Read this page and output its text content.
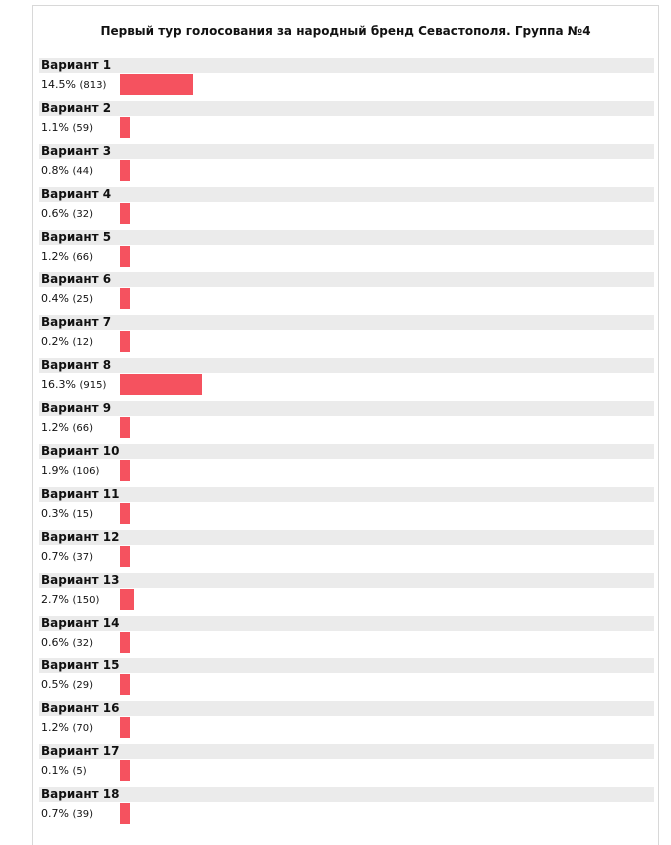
Первый тур голосования за народный бренд Севастополя. Группа №4
Вариант 1
14.5% (813)
Вариант 2
1.1% (59)
Вариант 3
0.8% (44)
Вариант 4
0.6% (32)
Вариант 5
1.2% (66)
Вариант 6
0.4% (25)
Вариант 7
0.2% (12)
Вариант 8
16.3% (915)
Вариант 9
1.2% (66)
Вариант 10
1.9% (106)
Вариант 11
0.3% (15)
Вариант 12
0.7% (37)
Вариант 13
2.7% (150)
Вариант 14
0.6% (32)
Вариант 15
0.5% (29)
Вариант 16
1.2% (70)
Вариант 17
0.1% (5)
Вариант 18
0.7% (39)
